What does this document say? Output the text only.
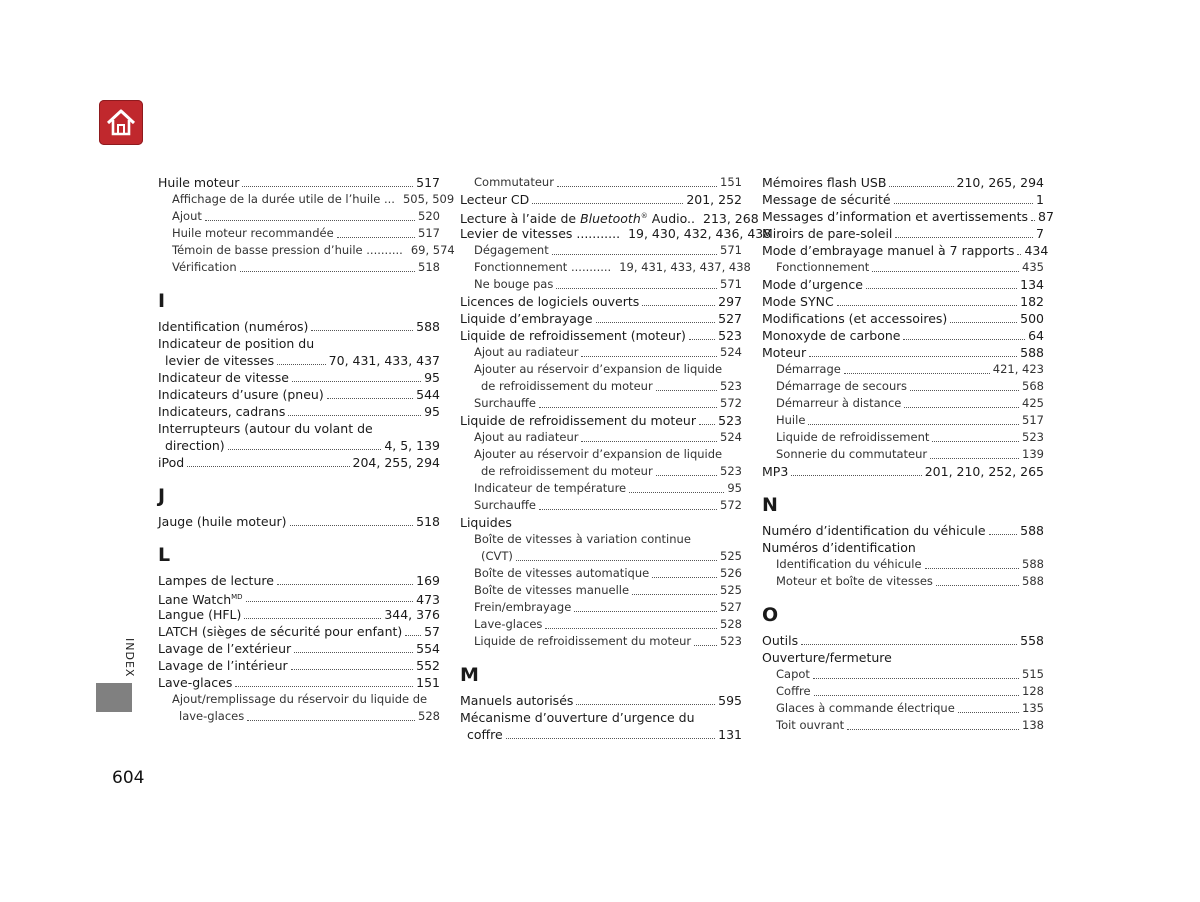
Huile moteur	517
Affichage de la durée utile de l’huile ... 505, 509
Ajout	520
Huile moteur recommandée	517
Témoin de basse pression d’huile .......... 69, 574
Vérification	518
I
Identification (numéros)	588
Indicateur de position du
levier de vitesses	70, 431, 433, 437
Indicateur de vitesse	95
Indicateurs d’usure (pneu)	544
Indicateurs, cadrans	95
Interrupteurs (autour du volant de
direction)	4, 5, 139
iPod	204, 255, 294
J
Jauge (huile moteur)	518
L
Lampes de lecture	169
Lane Watch$^{MD}$	473
Langue (HFL)	344, 376
LATCH (sièges de sécurité pour enfant) 57
Lavage de l’extérieur	554
Lavage de l’intérieur	552
Lave-glaces	151
Ajout/remplissage du réservoir du liquide de
lave-glaces	528
Commutateur	151
Lecteur CD	201, 252
Lecture à l’aide de Bluetooth® Audio.. 213, 268
Levier de vitesses ........... 19, 430, 432, 436, 438
Dégagement	571
Fonctionnement ........... 19, 431, 433, 437, 438
Ne bouge pas	571
Licences de logiciels ouverts	297
Liquide d’embrayage	527
Liquide de refroidissement (moteur)	523
Ajout au radiateur	524
Ajouter au réservoir d’expansion de liquide
de refroidissement du moteur	523
Surchauffe	572
Liquide de refroidissement du moteur 523
Ajout au radiateur	524
Ajouter au réservoir d’expansion de liquide
de refroidissement du moteur	523
Indicateur de température	95
Surchauffe	572
Liquides
Boîte de vitesses à variation continue
(CVT)	525
Boîte de vitesses automatique	526
Boîte de vitesses manuelle	525
Frein/embrayage	527
Lave-glaces	528
Liquide de refroidissement du moteur	523
M
Manuels autorisés	595
Mécanisme d’ouverture d’urgence du
coffre	131
Mémoires flash USB	210, 265, 294
Message de sécurité	1
Messages d’information et avertissements 87
Miroirs de pare-soleil	7
Mode d’embrayage manuel à 7 rapports 434
Fonctionnement	435
Mode d’urgence	134
Mode SYNC	182
Modifications (et accessoires)	500
Monoxyde de carbone	64
Moteur	588
Démarrage	421, 423
Démarrage de secours	568
Démarreur à distance	425
Huile	517
Liquide de refroidissement	523
Sonnerie du commutateur	139
MP3	201, 210, 252, 265
N
Numéro d’identification du véhicule	588
Numéros d’identification
Identification du véhicule	588
Moteur et boîte de vitesses	588
O
Outils	558
Ouverture/fermeture
Capot	515
Coffre	128
Glaces à commande électrique	135
Toit ouvrant	138
INDEX
604
